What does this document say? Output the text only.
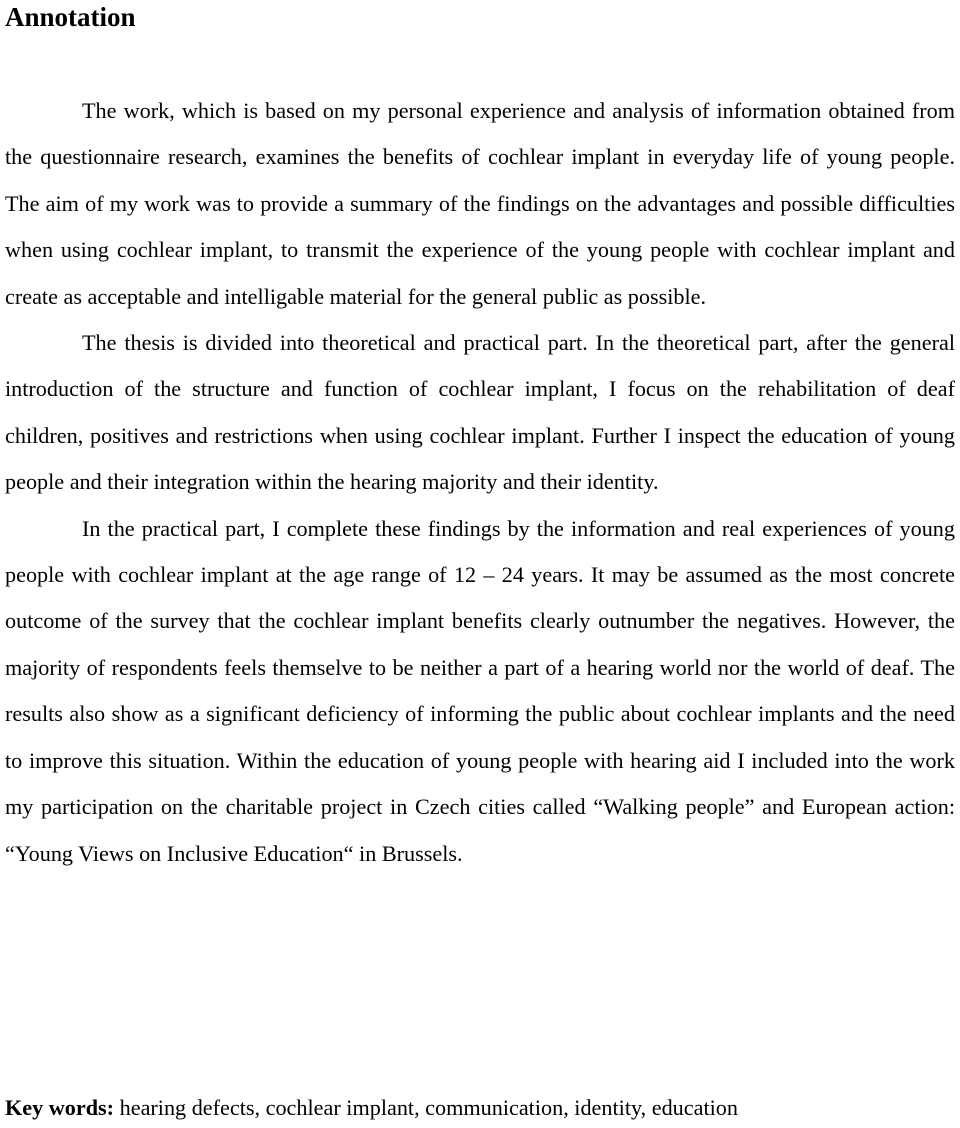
Annotation

The work, which is based on my personal experience and analysis of information obtained from the questionnaire research, examines the benefits of cochlear implant in everyday life of young people. The aim of my work was to provide a summary of the findings on the advantages and possible difficulties when using cochlear implant, to transmit the experience of the young people with cochlear implant and create as acceptable and intelligable material for the general public as possible.

The thesis is divided into theoretical and practical part. In the theoretical part, after the general introduction of the structure and function of cochlear implant, I focus on the rehabilitation of deaf children, positives and restrictions when using cochlear implant. Further I inspect the education of young people and their integration within the hearing majority and their identity.

In the practical part, I complete these findings by the information and real experiences of young people with cochlear implant at the age range of 12 – 24 years. It may be assumed as the most concrete outcome of the survey that the cochlear implant benefits clearly outnumber the negatives. However, the majority of respondents feels themselve to be neither a part of a hearing world nor the world of deaf. The results also show as a significant deficiency of informing the public about cochlear implants and the need to improve this situation. Within the education of young people with hearing aid I included into the work my participation on the charitable project in Czech cities called “Walking people” and European action: “Young Views on Inclusive Education“ in Brussels.

Key words: hearing defects, cochlear implant, communication, identity, education
